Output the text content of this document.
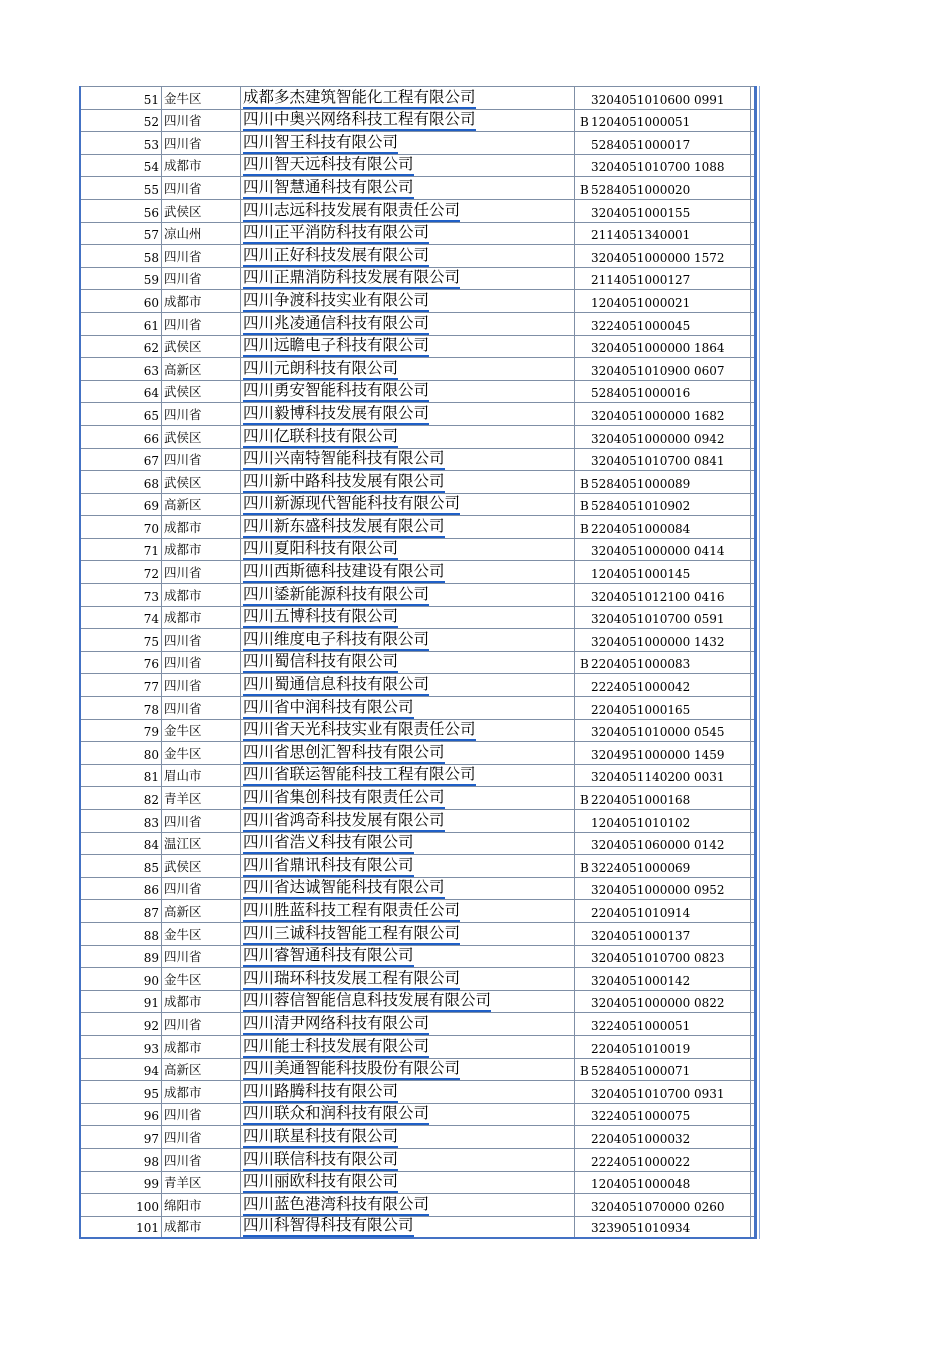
51 金牛区	成都多杰建筑智能化工程有限公司	3204051010600 0991
52 四川省	四川中奥兴网络科技工程有限公司	B 1204051000051
53 四川省	四川智王科技有限公司	5284051000017
54 成都市	四川智天远科技有限公司	3204051010700 1088
55 四川省	四川智慧通科技有限公司	B 5284051000020
56 武侯区	四川志远科技发展有限责任公司	3204051000155
57 凉山州	四川正平消防科技有限公司	2114051340001
58 四川省	四川正好科技发展有限公司	3204051000000 1572
59 四川省	四川正鼎消防科技发展有限公司	2114051000127
60 成都市	四川争渡科技实业有限公司	1204051000021
61 四川省	四川兆凌通信科技有限公司	3224051000045
62 武侯区	四川远瞻电子科技有限公司	3204051000000 1864
63 高新区	四川元朗科技有限公司	3204051010900 0607
64 武侯区	四川勇安智能科技有限公司	5284051000016
65 四川省	四川毅博科技发展有限公司	3204051000000 1682
66 武侯区	四川亿联科技有限公司	3204051000000 0942
67 四川省	四川兴南特智能科技有限公司	3204051010700 0841
68 武侯区	四川新中路科技发展有限公司	B 5284051000089
69 高新区	四川新源现代智能科技有限公司	B 5284051010902
70 成都市	四川新东盛科技发展有限公司	B 2204051000084
71 成都市	四川夏阳科技有限公司	3204051000000 0414
72 四川省	四川西斯德科技建设有限公司	1204051000145
73 成都市	四川鋈新能源科技有限公司	3204051012100 0416
74 成都市	四川五博科技有限公司	3204051010700 0591
75 四川省	四川维度电子科技有限公司	3204051000000 1432
76 四川省	四川蜀信科技有限公司	B 2204051000083
77 四川省	四川蜀通信息科技有限公司	2224051000042
78 四川省	四川省中润科技有限公司	2204051000165
79 金牛区	四川省天光科技实业有限责任公司	3204051010000 0545
80 金牛区	四川省思创汇智科技有限公司	3204951000000 1459
81 眉山市	四川省联运智能科技工程有限公司	3204051140200 0031
82 青羊区	四川省集创科技有限责任公司	B 2204051000168
83 四川省	四川省鸿奇科技发展有限公司	1204051010102
84 温江区	四川省浩义科技有限公司	3204051060000 0142
85 武侯区	四川省鼎讯科技有限公司	B 3224051000069
86 四川省	四川省达诚智能科技有限公司	3204051000000 0952
87 高新区	四川胜蓝科技工程有限责任公司	2204051010914
88 金牛区	四川三诚科技智能工程有限公司	3204051000137
89 四川省	四川睿智通科技有限公司	3204051010700 0823
90 金牛区	四川瑞环科技发展工程有限公司	3204051000142
91 成都市	四川蓉信智能信息科技发展有限公司	3204051000000 0822
92 四川省	四川清尹网络科技有限公司	3224051000051
93 成都市	四川能士科技发展有限公司	2204051010019
94 高新区	四川美通智能科技股份有限公司	B 5284051000071
95 成都市	四川路腾科技有限公司	3204051010700 0931
96 四川省	四川联众和润科技有限公司	3224051000075
97 四川省	四川联星科技有限公司	2204051000032
98 四川省	四川联信科技有限公司	2224051000022
99 青羊区	四川丽欧科技有限公司	1204051000048
100 绵阳市	四川蓝色港湾科技有限公司	3204051070000 0260
101 成都市	四川科智得科技有限公司	3239051010934
